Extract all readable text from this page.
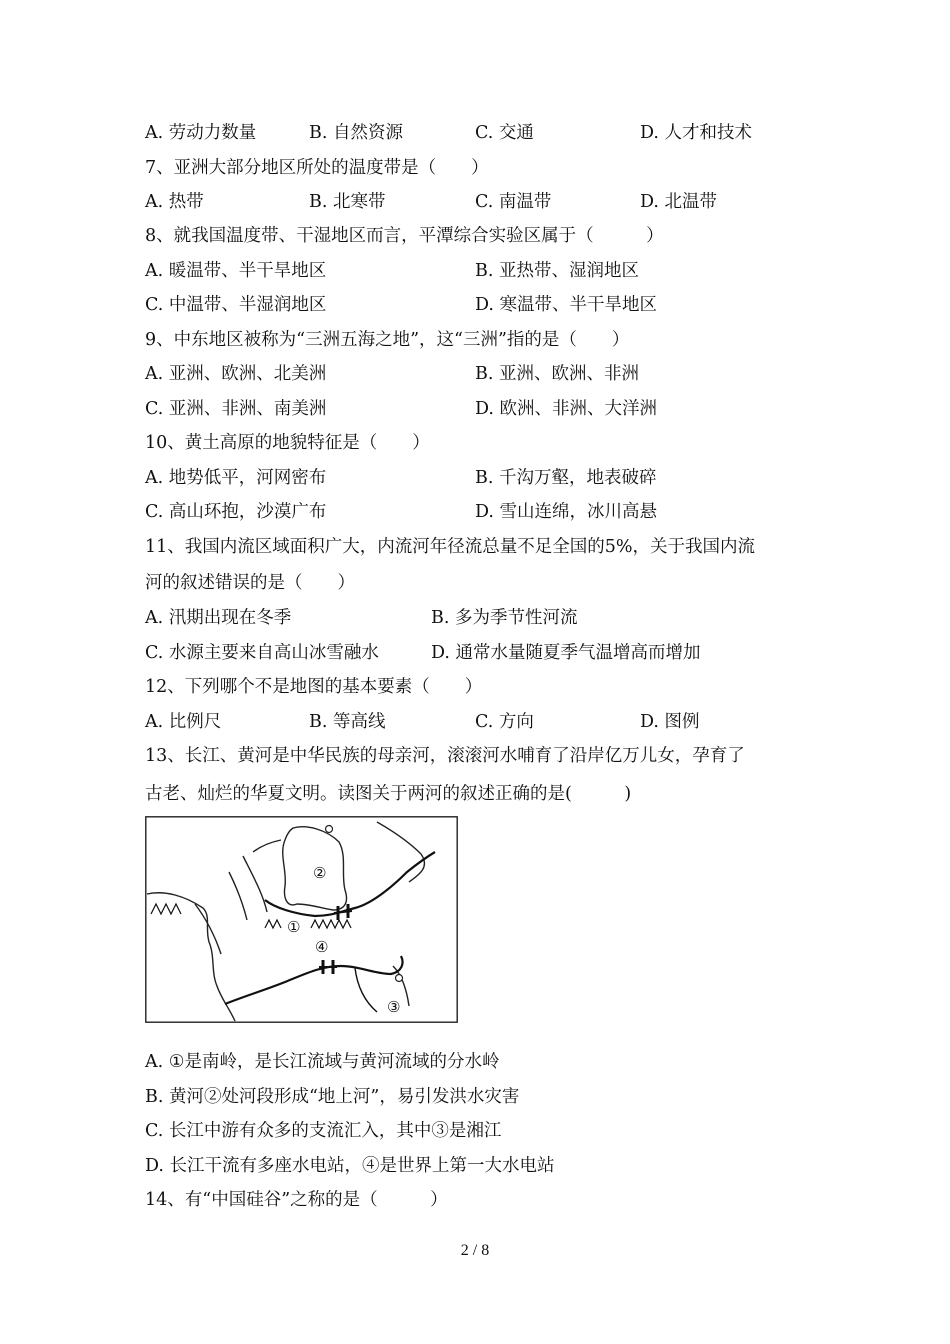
A. 劳动力数量	B. 自然资源	C. 交通	D. 人才和技术
7、亚洲大部分地区所处的温度带是（　　）
A. 热带	B. 北寒带	C. 南温带	D. 北温带
8、就我国温度带、干湿地区而言，平潭综合实验区属于（　　　）
A. 暖温带、半干旱地区	B. 亚热带、湿润地区
C. 中温带、半湿润地区	D. 寒温带、半干旱地区
9、中东地区被称为“三洲五海之地”，这“三洲”指的是（　　）
A. 亚洲、欧洲、北美洲	B. 亚洲、欧洲、非洲
C. 亚洲、非洲、南美洲	D. 欧洲、非洲、大洋洲
10、黄土高原的地貌特征是（　　）
A. 地势低平，河网密布	B. 千沟万壑，地表破碎
C. 高山环抱，沙漠广布	D. 雪山连绵，冰川高悬
11、我国内流区域面积广大，内流河年径流总量不足全国的5%，关于我国内流
河的叙述错误的是（　　）
A. 汛期出现在冬季	B. 多为季节性河流
C. 水源主要来自高山冰雪融水	D. 通常水量随夏季气温增高而增加
12、下列哪个不是地图的基本要素（　　）
A. 比例尺	B. 等高线	C. 方向	D. 图例
13、长江、黄河是中华民族的母亲河，滚滚河水哺育了沿岸亿万儿女，孕育了
古老、灿烂的华夏文明。读图关于两河的叙述正确的是(　　　)
①
②
③
④
A. ①是南岭，是长江流域与黄河流域的分水岭
B. 黄河②处河段形成“地上河”，易引发洪水灾害
C. 长江中游有众多的支流汇入，其中③是湘江
D. 长江干流有多座水电站，④是世界上第一大水电站
14、有“中国硅谷”之称的是（　　　）
2 / 8
